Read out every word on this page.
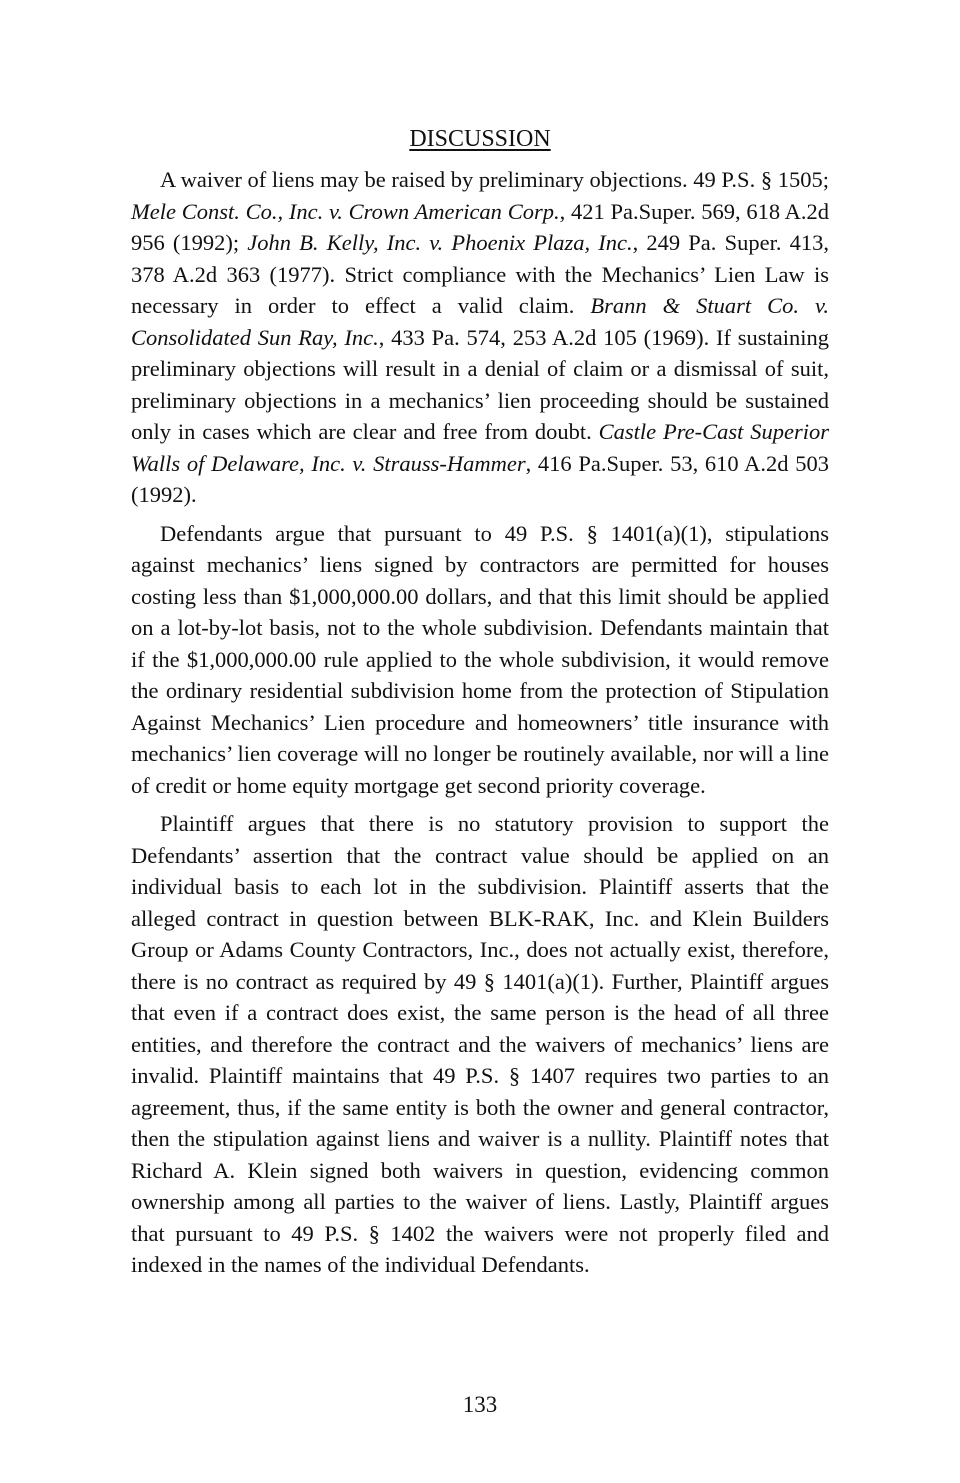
DISCUSSION

A waiver of liens may be raised by preliminary objections. 49 P.S. § 1505; Mele Const. Co., Inc. v. Crown American Corp., 421 Pa.Super. 569, 618 A.2d 956 (1992); John B. Kelly, Inc. v. Phoenix Plaza, Inc., 249 Pa. Super. 413, 378 A.2d 363 (1977). Strict compliance with the Mechanics’ Lien Law is necessary in order to effect a valid claim. Brann & Stuart Co. v. Consolidated Sun Ray, Inc., 433 Pa. 574, 253 A.2d 105 (1969). If sustaining preliminary objections will result in a denial of claim or a dismissal of suit, preliminary objections in a mechanics’ lien proceeding should be sustained only in cases which are clear and free from doubt. Castle Pre-Cast Superior Walls of Delaware, Inc. v. Strauss-Hammer, 416 Pa.Super. 53, 610 A.2d 503 (1992).

Defendants argue that pursuant to 49 P.S. § 1401(a)(1), stipulations against mechanics’ liens signed by contractors are permitted for houses costing less than $1,000,000.00 dollars, and that this limit should be applied on a lot-by-lot basis, not to the whole subdivision. Defendants maintain that if the $1,000,000.00 rule applied to the whole subdivision, it would remove the ordinary residential subdivision home from the protection of Stipulation Against Mechanics’ Lien procedure and homeowners’ title insurance with mechanics’ lien coverage will no longer be routinely available, nor will a line of credit or home equity mortgage get second priority coverage.

Plaintiff argues that there is no statutory provision to support the Defendants’ assertion that the contract value should be applied on an individual basis to each lot in the subdivision. Plaintiff asserts that the alleged contract in question between BLK-RAK, Inc. and Klein Builders Group or Adams County Contractors, Inc., does not actually exist, therefore, there is no contract as required by 49 § 1401(a)(1). Further, Plaintiff argues that even if a contract does exist, the same person is the head of all three entities, and therefore the contract and the waivers of mechanics’ liens are invalid. Plaintiff maintains that 49 P.S. § 1407 requires two parties to an agreement, thus, if the same entity is both the owner and general contractor, then the stipulation against liens and waiver is a nullity. Plaintiff notes that Richard A. Klein signed both waivers in question, evidencing common ownership among all parties to the waiver of liens. Lastly, Plaintiff argues that pursuant to 49 P.S. § 1402 the waivers were not properly filed and indexed in the names of the individual Defendants.

133
